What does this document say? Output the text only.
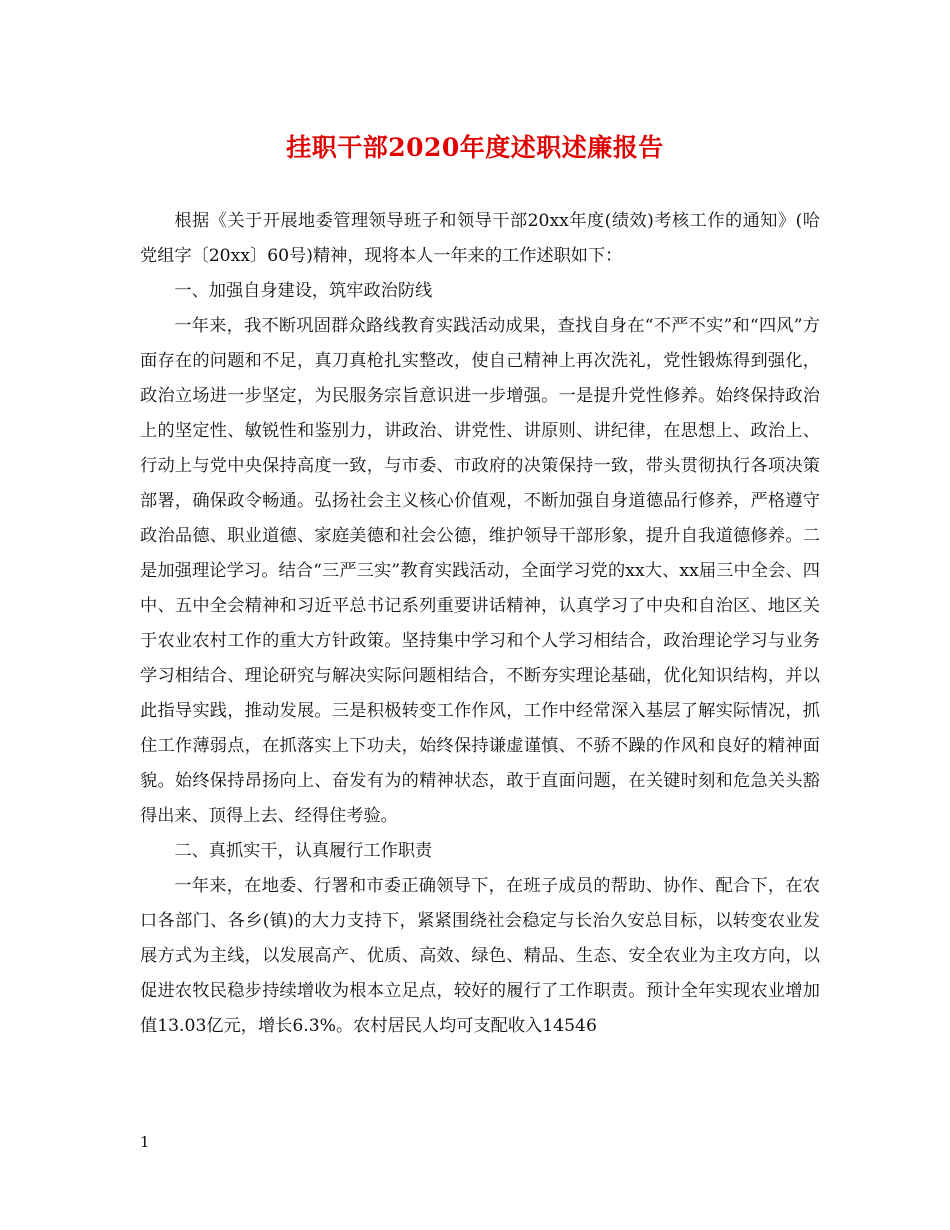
挂职干部2020年度述职述廉报告

根据《关于开展地委管理领导班子和领导干部20xx年度(绩效)考核工作的通知》(哈党组字〔20xx〕60号)精神，现将本人一年来的工作述职如下：

一、加强自身建设，筑牢政治防线

一年来，我不断巩固群众路线教育实践活动成果，查找自身在“不严不实”和“四风”方面存在的问题和不足，真刀真枪扎实整改，使自己精神上再次洗礼，党性锻炼得到强化，政治立场进一步坚定，为民服务宗旨意识进一步增强。一是提升党性修养。始终保持政治上的坚定性、敏锐性和鉴别力，讲政治、讲党性、讲原则、讲纪律，在思想上、政治上、行动上与党中央保持高度一致，与市委、市政府的决策保持一致，带头贯彻执行各项决策部署，确保政令畅通。弘扬社会主义核心价值观，不断加强自身道德品行修养，严格遵守政治品德、职业道德、家庭美德和社会公德，维护领导干部形象，提升自我道德修养。二是加强理论学习。结合“三严三实”教育实践活动，全面学习党的xx大、xx届三中全会、四中、五中全会精神和习近平总书记系列重要讲话精神，认真学习了中央和自治区、地区关于农业农村工作的重大方针政策。坚持集中学习和个人学习相结合，政治理论学习与业务学习相结合、理论研究与解决实际问题相结合，不断夯实理论基础，优化知识结构，并以此指导实践，推动发展。三是积极转变工作作风，工作中经常深入基层了解实际情况，抓住工作薄弱点，在抓落实上下功夫，始终保持谦虚谨慎、不骄不躁的作风和良好的精神面貌。始终保持昂扬向上、奋发有为的精神状态，敢于直面问题，在关键时刻和危急关头豁得出来、顶得上去、经得住考验。

二、真抓实干，认真履行工作职责

一年来，在地委、行署和市委正确领导下，在班子成员的帮助、协作、配合下，在农口各部门、各乡(镇)的大力支持下，紧紧围绕社会稳定与长治久安总目标，以转变农业发展方式为主线，以发展高产、优质、高效、绿色、精品、生态、安全农业为主攻方向，以促进农牧民稳步持续增收为根本立足点，较好的履行了工作职责。预计全年实现农业增加值13.03亿元，增长6.3%。农村居民人均可支配收入14546

1
